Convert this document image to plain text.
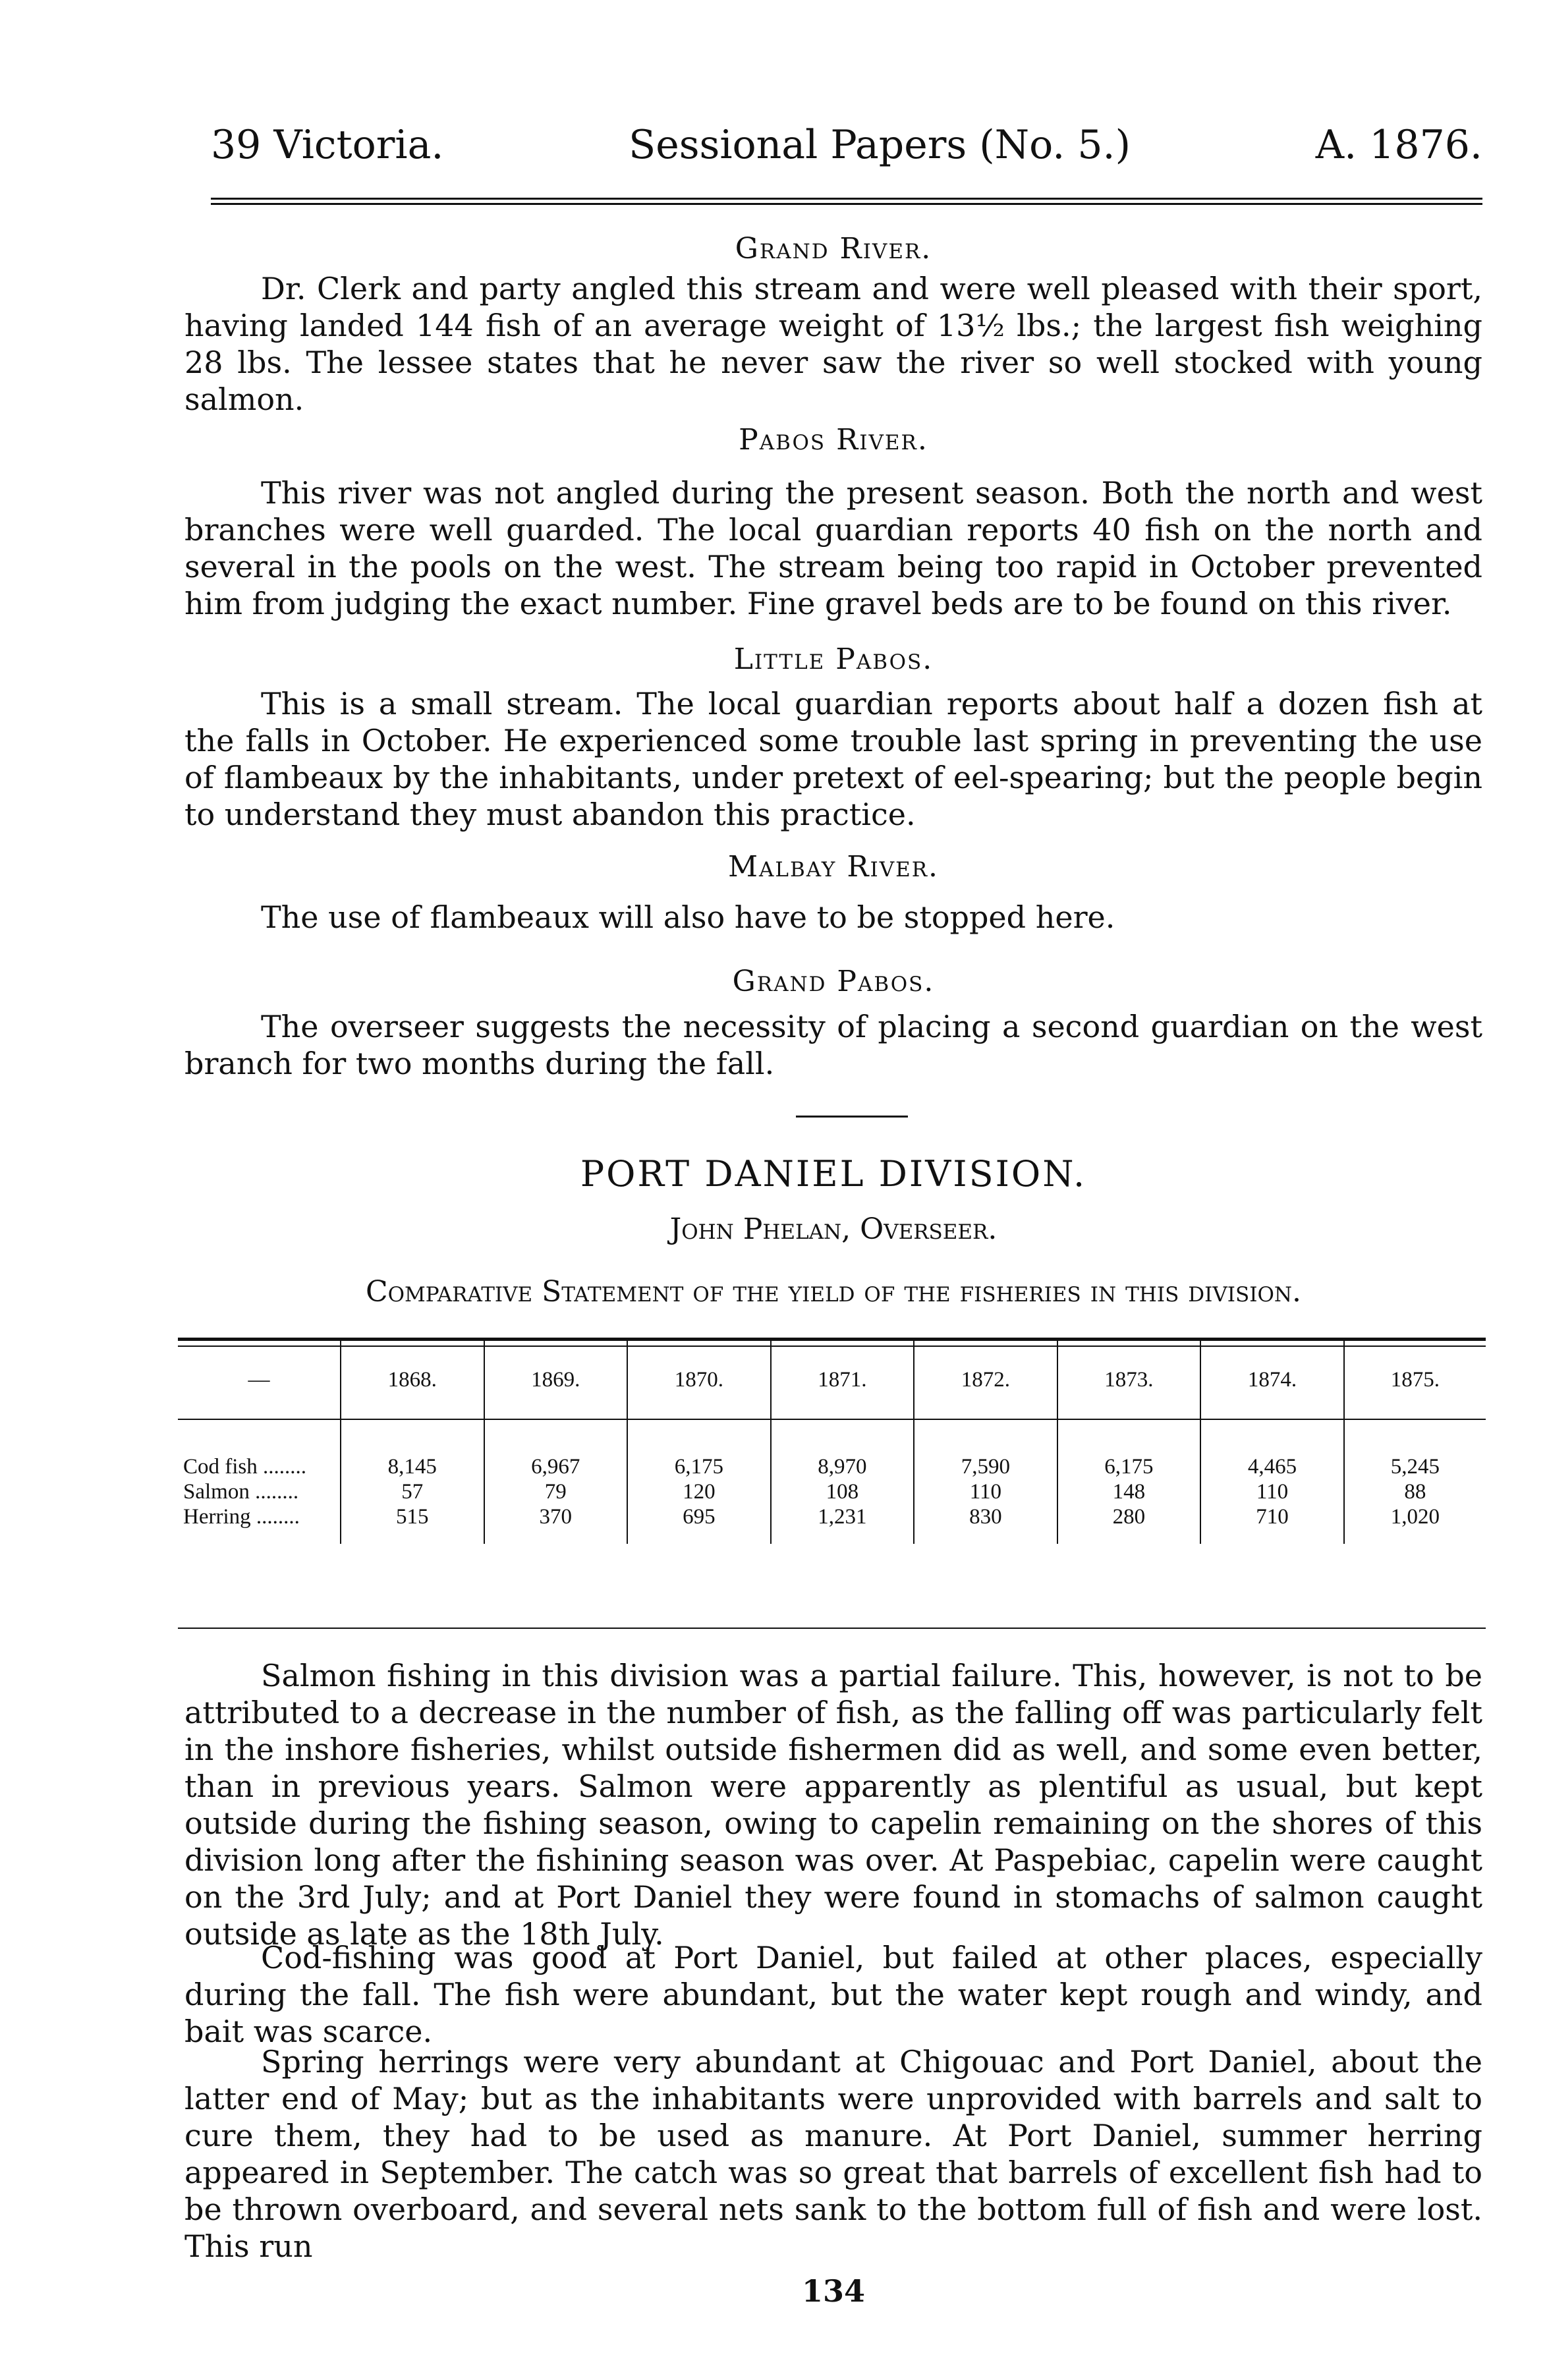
39 Victoria.	Sessional Papers (No. 5.)	A. 1876.
Grand River.
Dr. Clerk and party angled this stream and were well pleased with their sport, having landed 144 fish of an average weight of 13½ lbs.; the largest fish weighing 28 lbs. The lessee states that he never saw the river so well stocked with young salmon.
Pabos River.
This river was not angled during the present season. Both the north and west branches were well guarded. The local guardian reports 40 fish on the north and several in the pools on the west. The stream being too rapid in October prevented him from judging the exact number. Fine gravel beds are to be found on this river.
Little Pabos.
This is a small stream. The local guardian reports about half a dozen fish at the falls in October. He experienced some trouble last spring in preventing the use of flambeaux by the inhabitants, under pretext of eel-spearing; but the people begin to understand they must abandon this practice.
Malbay River.
The use of flambeaux will also have to be stopped here.
Grand Pabos.
The overseer suggests the necessity of placing a second guardian on the west branch for two months during the fall.
PORT DANIEL DIVISION.
John Phelan, Overseer.
Comparative Statement of the yield of the fisheries in this division.
—	1868.	1869.	1870.	1871.	1872.	1873.	1874.	1875.
Cod fish ........	8,145	6,967	6,175	8,970	7,590	6,175	4,465	5,245
Salmon ........	57	79	120	108	110	148	110	88
Herring ........	515	370	695	1,231	830	280	710	1,020
Salmon fishing in this division was a partial failure. This, however, is not to be attributed to a decrease in the number of fish, as the falling off was particularly felt in the inshore fisheries, whilst outside fishermen did as well, and some even better, than in previous years. Salmon were apparently as plentiful as usual, but kept outside during the fishing season, owing to capelin remaining on the shores of this division long after the fishining season was over. At Paspebiac, capelin were caught on the 3rd July; and at Port Daniel they were found in stomachs of salmon caught outside as late as the 18th July.
Cod-fishing was good at Port Daniel, but failed at other places, especially during the fall. The fish were abundant, but the water kept rough and windy, and bait was scarce.
Spring herrings were very abundant at Chigouac and Port Daniel, about the latter end of May; but as the inhabitants were unprovided with barrels and salt to cure them, they had to be used as manure. At Port Daniel, summer herring appeared in September. The catch was so great that barrels of excellent fish had to be thrown overboard, and several nets sank to the bottom full of fish and were lost. This run
134
